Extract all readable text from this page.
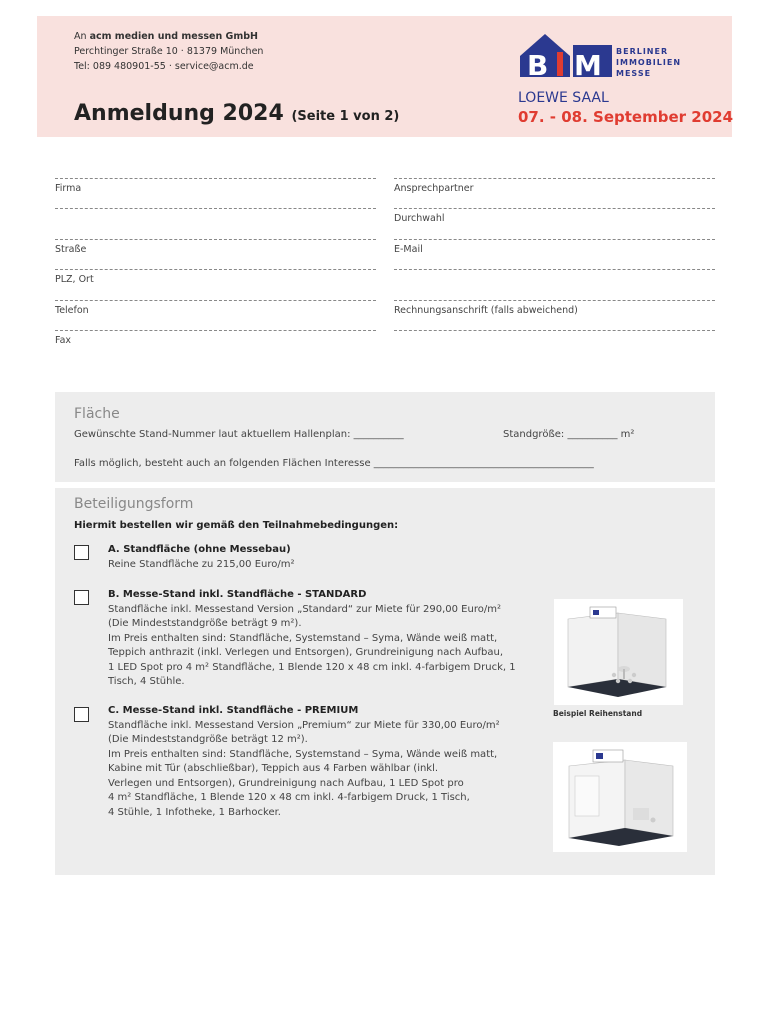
An acm medien und messen GmbH
Perchtinger Straße 10 · 81379 München
Tel: 089 480901-55 · service@acm.de
Anmeldung 2024 (Seite 1 von 2)
B M BERLINER
IMMOBILIEN
MESSE
LOEWE SAAL
07. - 08. September 2024
Firma
Straße
PLZ, Ort
Telefon
Fax
Ansprechpartner
Durchwahl
E-Mail
Rechnungsanschrift (falls abweichend)
Fläche
Gewünschte Stand-Nummer laut aktuellem Hallenplan: __________	Standgröße: __________ m²
Falls möglich, besteht auch an folgenden Flächen Interesse ____________________________________________
Beteiligungsform
Hiermit bestellen wir gemäß den Teilnahmebedingungen:
A. Standfläche (ohne Messebau)
Reine Standfläche zu 215,00 Euro/m²
B. Messe-Stand inkl. Standfläche - STANDARD
Standfläche inkl. Messestand Version „Standard“ zur Miete für 290,00 Euro/m²
(Die Mindeststandgröße beträgt 9 m²).
Im Preis enthalten sind: Standfläche, Systemstand – Syma, Wände weiß matt,
Teppich anthrazit (inkl. Verlegen und Entsorgen), Grundreinigung nach Aufbau,
1 LED Spot pro 4 m² Standfläche, 1 Blende 120 x 48 cm inkl. 4-farbigem Druck, 1
Tisch, 4 Stühle.
C. Messe-Stand inkl. Standfläche - PREMIUM
Standfläche inkl. Messestand Version „Premium“ zur Miete für 330,00 Euro/m²
(Die Mindeststandgröße beträgt 12 m²).
Im Preis enthalten sind: Standfläche, Systemstand – Syma, Wände weiß matt,
Kabine mit Tür (abschließbar), Teppich aus 4 Farben wählbar (inkl.
Verlegen und Entsorgen), Grundreinigung nach Aufbau, 1 LED Spot pro
4 m² Standfläche, 1 Blende 120 x 48 cm inkl. 4-farbigem Druck, 1 Tisch,
4 Stühle, 1 Infotheke, 1 Barhocker.
Beispiel Reihenstand
